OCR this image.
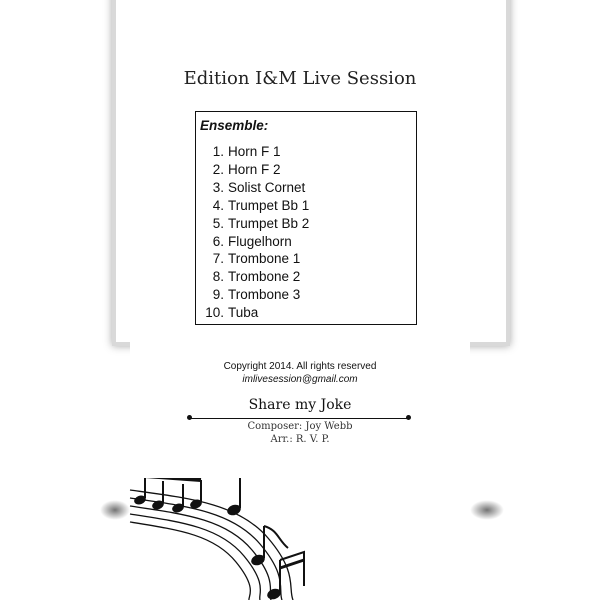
Edition I&M Live Session
Ensemble:
1. Horn F 1
2. Horn F 2
3. Solist Cornet
4. Trumpet Bb 1
5. Trumpet Bb 2
6. Flugelhorn
7. Trombone 1
8. Trombone 2
9. Trombone 3
10. Tuba
Copyright 2014. All rights reserved
imlivesession@gmail.com
Share my Joke
Composer: Joy Webb
Arr.: R. V. P.
